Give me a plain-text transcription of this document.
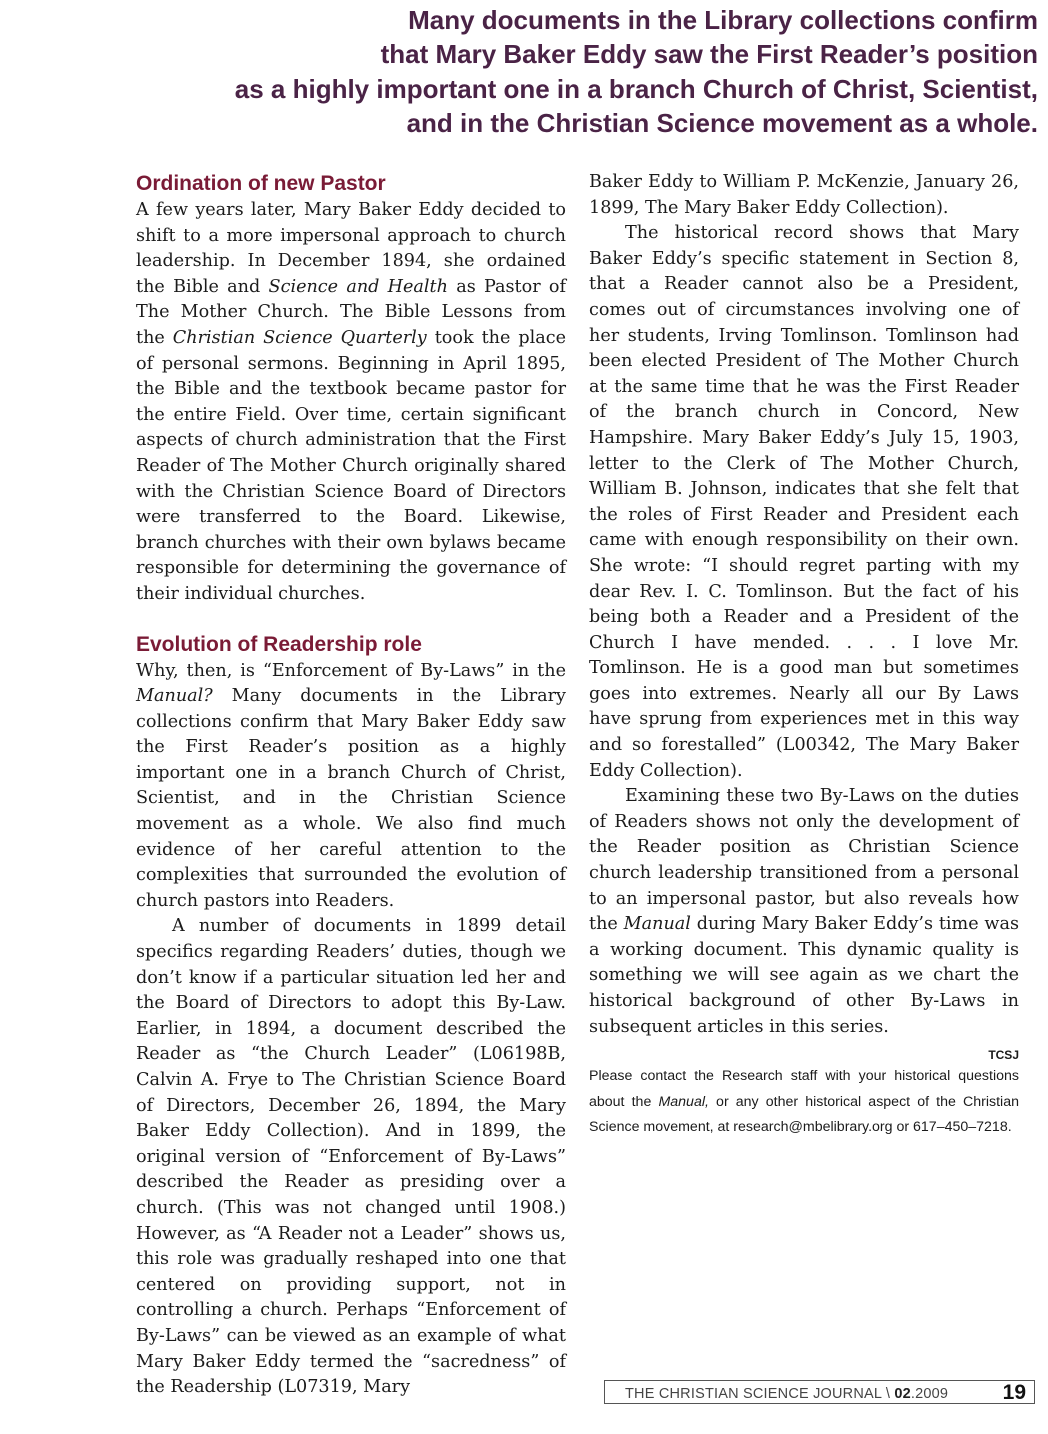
Many documents in the Library collections confirm
that Mary Baker Eddy saw the First Reader’s position
as a highly important one in a branch Church of Christ, Scientist,
and in the Christian Science movement as a whole.
Ordination of new Pastor

A few years later, Mary Baker Eddy decided to shift to a more impersonal approach to church leadership. In December 1894, she ordained the Bible and Science and Health as Pastor of The Mother Church. The Bible Lessons from the Christian Science Quarterly took the place of personal sermons. Beginning in April 1895, the Bible and the textbook became pastor for the entire Field. Over time, certain significant aspects of church administration that the First Reader of The Mother Church originally shared with the Christian Science Board of Directors were transferred to the Board. Likewise, branch churches with their own bylaws became responsible for determining the governance of their individual churches.

Evolution of Readership role

Why, then, is “Enforcement of By-Laws” in the Manual? Many documents in the Library collections confirm that Mary Baker Eddy saw the First Reader’s position as a highly important one in a branch Church of Christ, Scientist, and in the Christian Science movement as a whole. We also find much evidence of her careful attention to the complexities that surrounded the evolution of church pastors into Readers.

A number of documents in 1899 detail specifics regarding Readers’ duties, though we don’t know if a particular situation led her and the Board of Directors to adopt this By-Law. Earlier, in 1894, a document described the Reader as “the Church Leader” (L06198B, Calvin A. Frye to The Christian Science Board of Directors, December 26, 1894, the Mary Baker Eddy Collection). And in 1899, the original version of “Enforcement of By-Laws” described the Reader as presiding over a church. (This was not changed until 1908.) However, as “A Reader not a Leader” shows us, this role was gradually reshaped into one that centered on providing support, not in controlling a church. Perhaps “Enforcement of By-Laws” can be viewed as an example of what Mary Baker Eddy termed the “sacredness” of the Readership (L07319, Mary

Baker Eddy to William P. McKenzie, January 26, 1899, The Mary Baker Eddy Collection).

The historical record shows that Mary Baker Eddy’s specific statement in Section 8, that a Reader cannot also be a President, comes out of circumstances involving one of her students, Irving Tomlinson. Tomlinson had been elected President of The Mother Church at the same time that he was the First Reader of the branch church in Concord, New Hampshire. Mary Baker Eddy’s July 15, 1903, letter to the Clerk of The Mother Church, William B. Johnson, indicates that she felt that the roles of First Reader and President each came with enough responsibility on their own. She wrote: “I should regret parting with my dear Rev. I. C. Tomlinson. But the fact of his being both a Reader and a President of the Church I have mended. . . . I love Mr. Tomlinson. He is a good man but sometimes goes into extremes. Nearly all our By Laws have sprung from experiences met in this way and so forestalled” (L00342, The Mary Baker Eddy Collection).

Examining these two By-Laws on the duties of Readers shows not only the development of the Reader position as Christian Science church leadership transitioned from a personal to an impersonal pastor, but also reveals how the Manual during Mary Baker Eddy’s time was a working document. This dynamic quality is something we will see again as we chart the historical background of other By-Laws in subsequent articles in this series.

TCSJ

Please contact the Research staff with your historical questions about the Manual, or any other historical aspect of the Christian Science movement, at research@mbelibrary.org or 617–450–7218.

THE CHRISTIAN SCIENCE JOURNAL \ 02.2009	19
